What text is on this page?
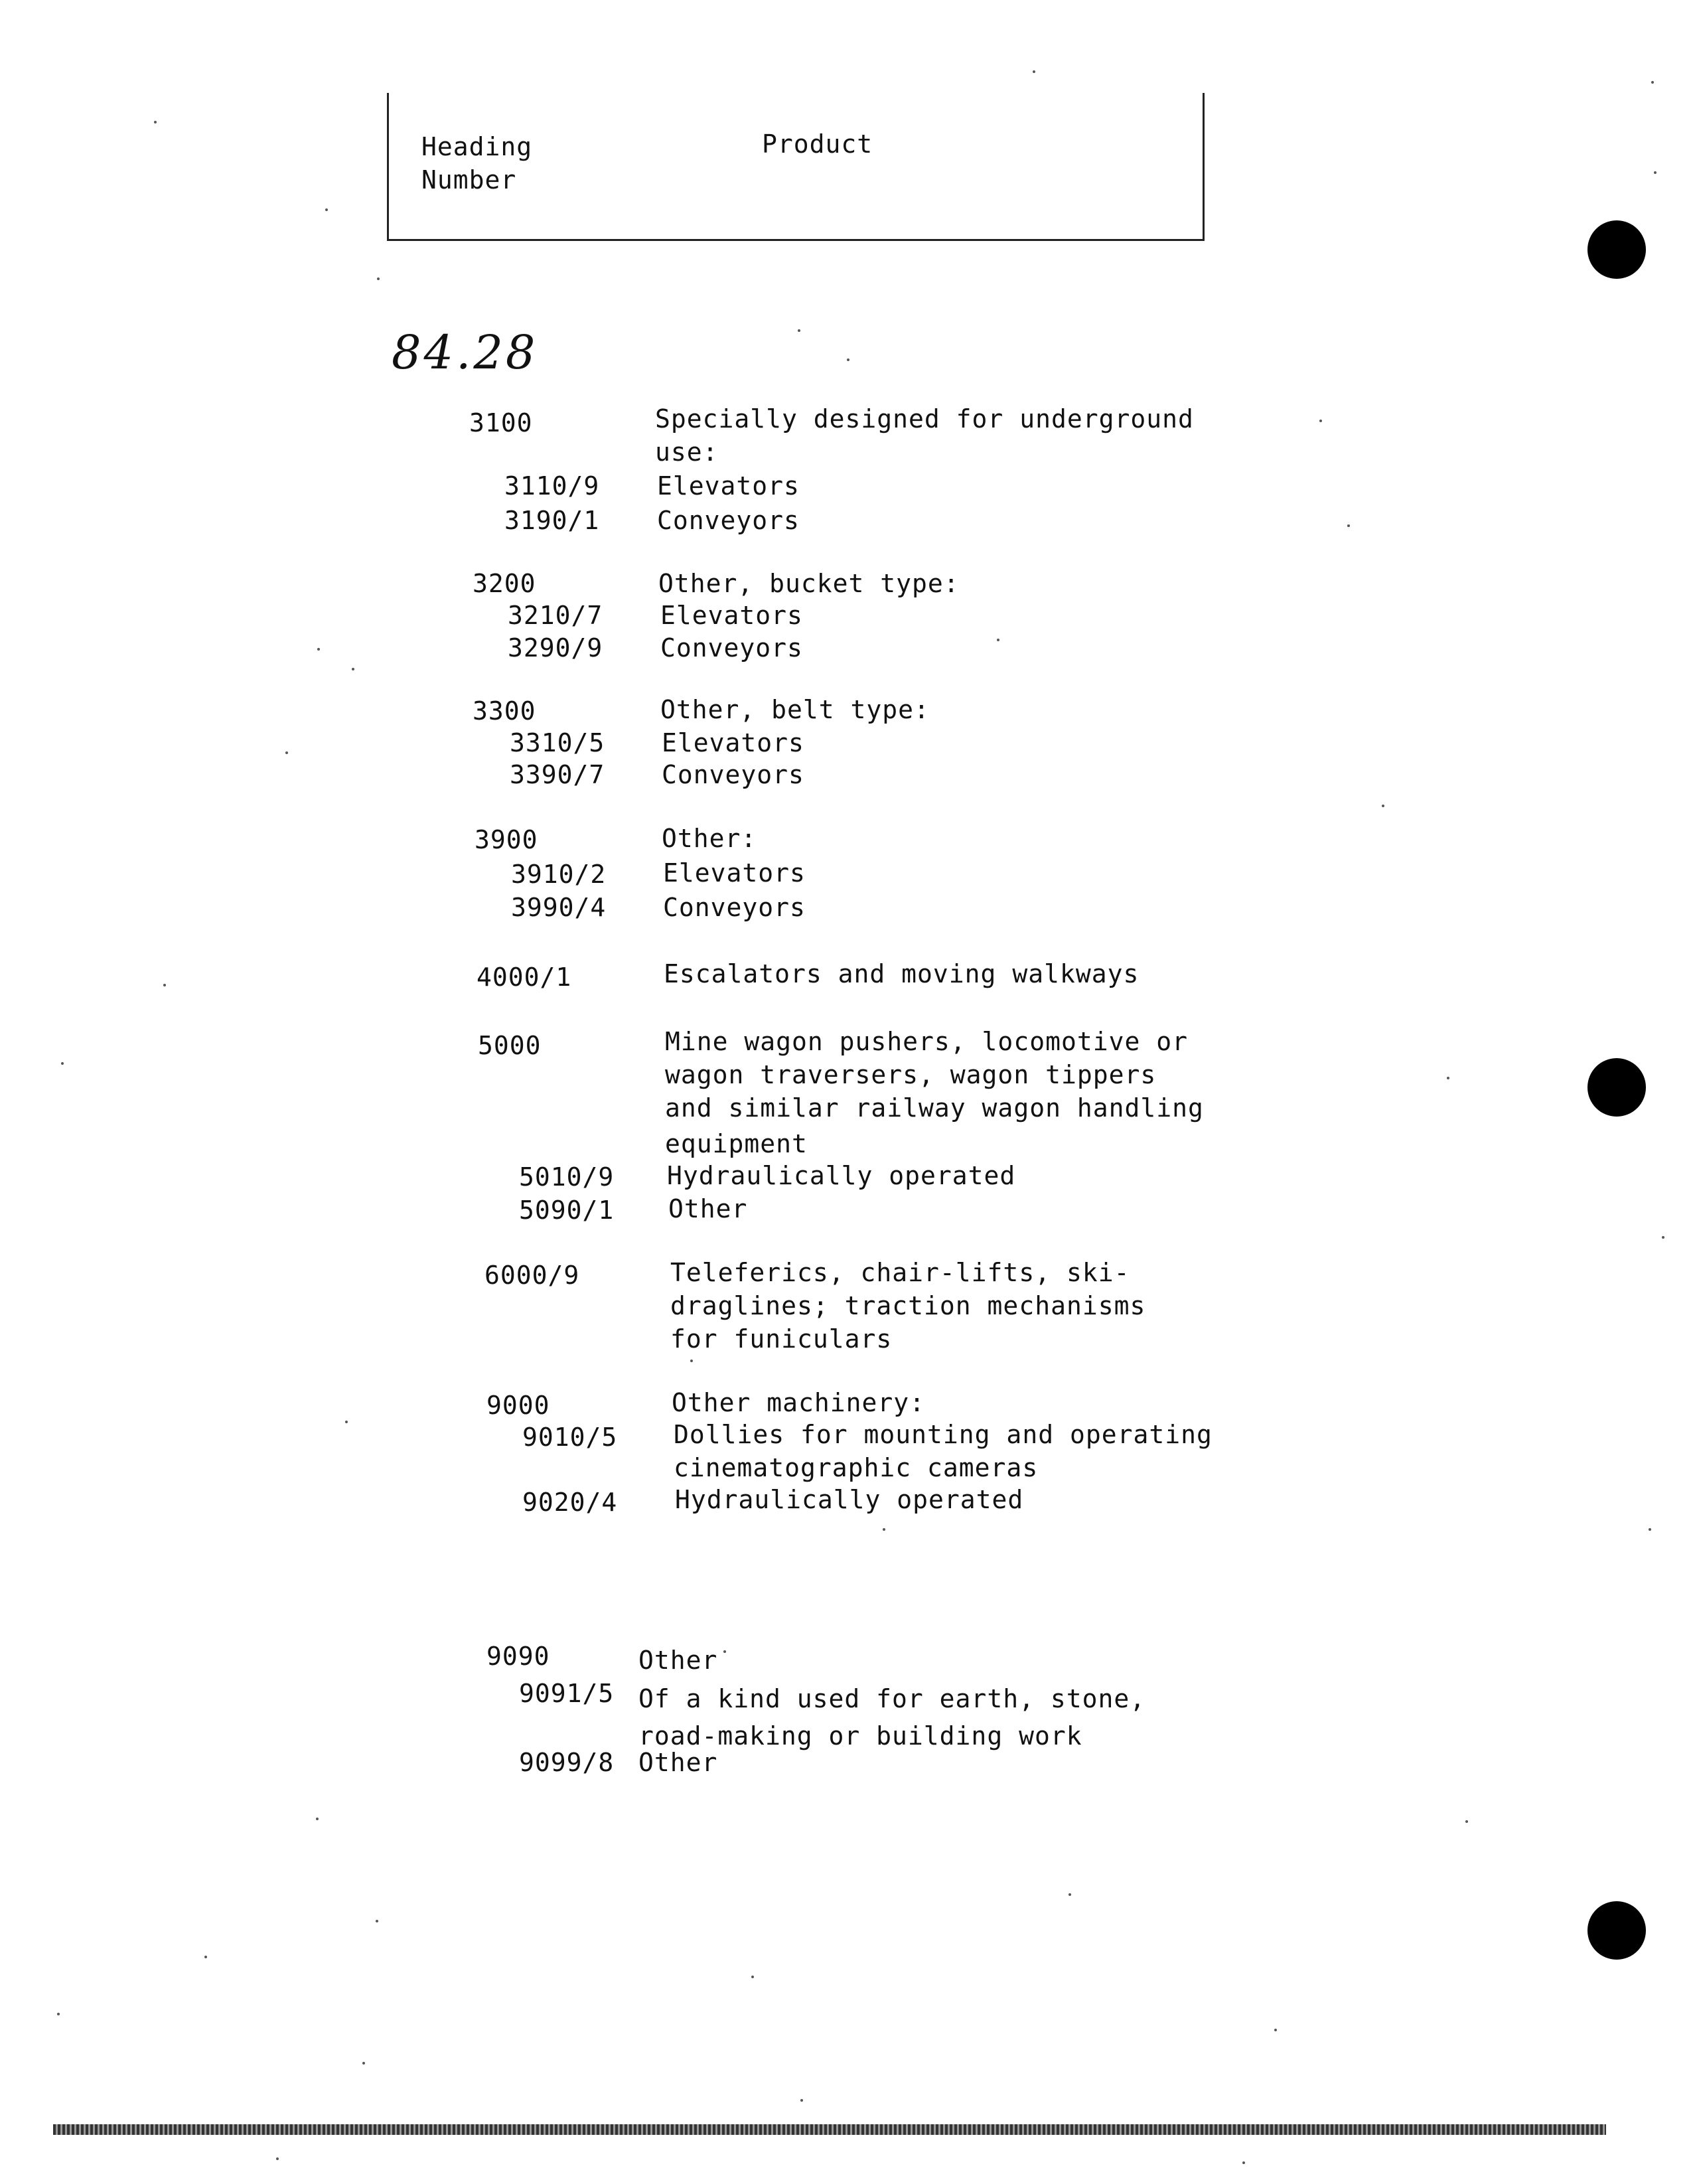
Heading
Number
Product
84.28
3100	Specially designed for underground
use:
3110/9 Elevators
3190/1 Conveyors
3200	Other, bucket type:
3210/7 Elevators
3290/9 Conveyors
3300	Other, belt type:
3310/5 Elevators
3390/7 Conveyors
3900	Other:
3910/2 Elevators
3990/4 Conveyors
4000/1	Escalators and moving walkways
5000	Mine wagon pushers, locomotive or
wagon traversers, wagon tippers
and similar railway wagon handling
equipment
5010/9 Hydraulically operated
5090/1 Other
6000/9	Teleferics, chair-lifts, ski-
draglines; traction mechanisms
for funiculars
9000	Other machinery:
9010/5 Dollies for mounting and operating
cinematographic cameras
9020/4 Hydraulically operated
9090	Other
9091/5 Of a kind used for earth, stone,
road-making or building work
9099/8 Other
